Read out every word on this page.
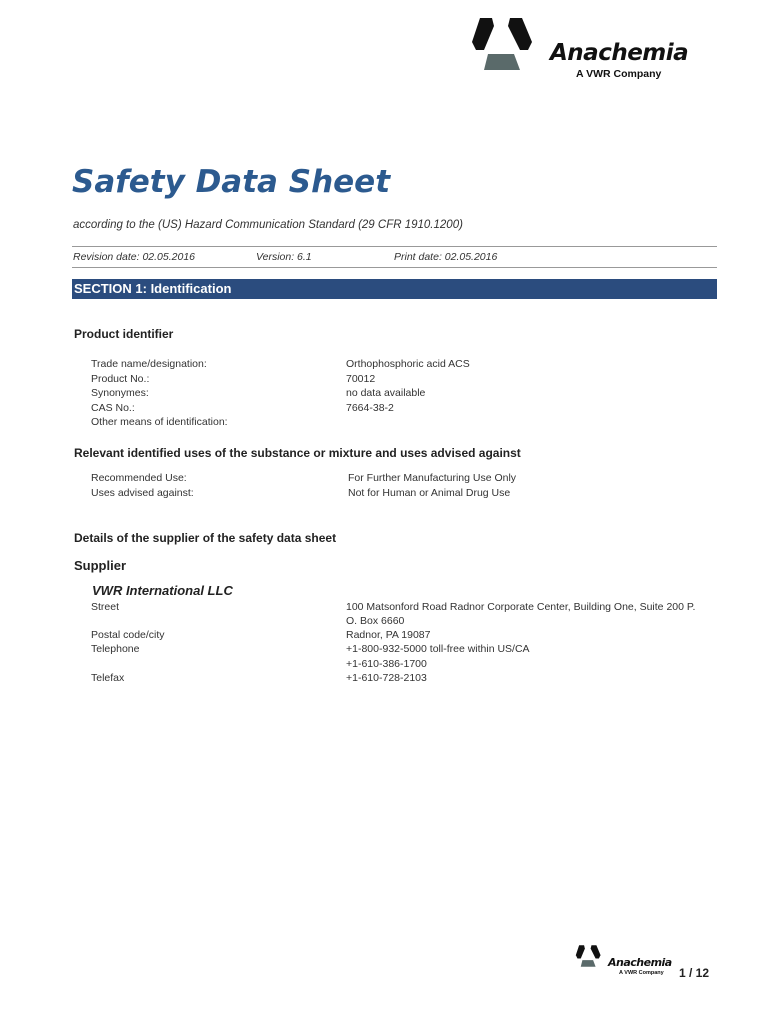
Anachemia
A VWR Company
Safety Data Sheet
according to the (US) Hazard Communication Standard (29 CFR 1910.1200)
Revision date: 02.05.2016	Version: 6.1	Print date: 02.05.2016
SECTION 1: Identification
Product identifier
Trade name/designation:	Orthophosphoric acid ACS
Product No.:	70012
Synonymes:	no data available
CAS No.:	7664-38-2
Other means of identification:
Relevant identified uses of the substance or mixture and uses advised against
Recommended Use:	For Further Manufacturing Use Only
Uses advised against:	Not for Human or Animal Drug Use
Details of the supplier of the safety data sheet
Supplier
VWR International LLC
Street	100 Matsonford Road Radnor Corporate Center, Building One, Suite 200 P.
O. Box 6660
Postal code/city	Radnor, PA 19087
Telephone	+1-800-932-5000 toll-free within US/CA
+1-610-386-1700
Telefax	+1-610-728-2103
Anachemia
A VWR Company 1 / 12
